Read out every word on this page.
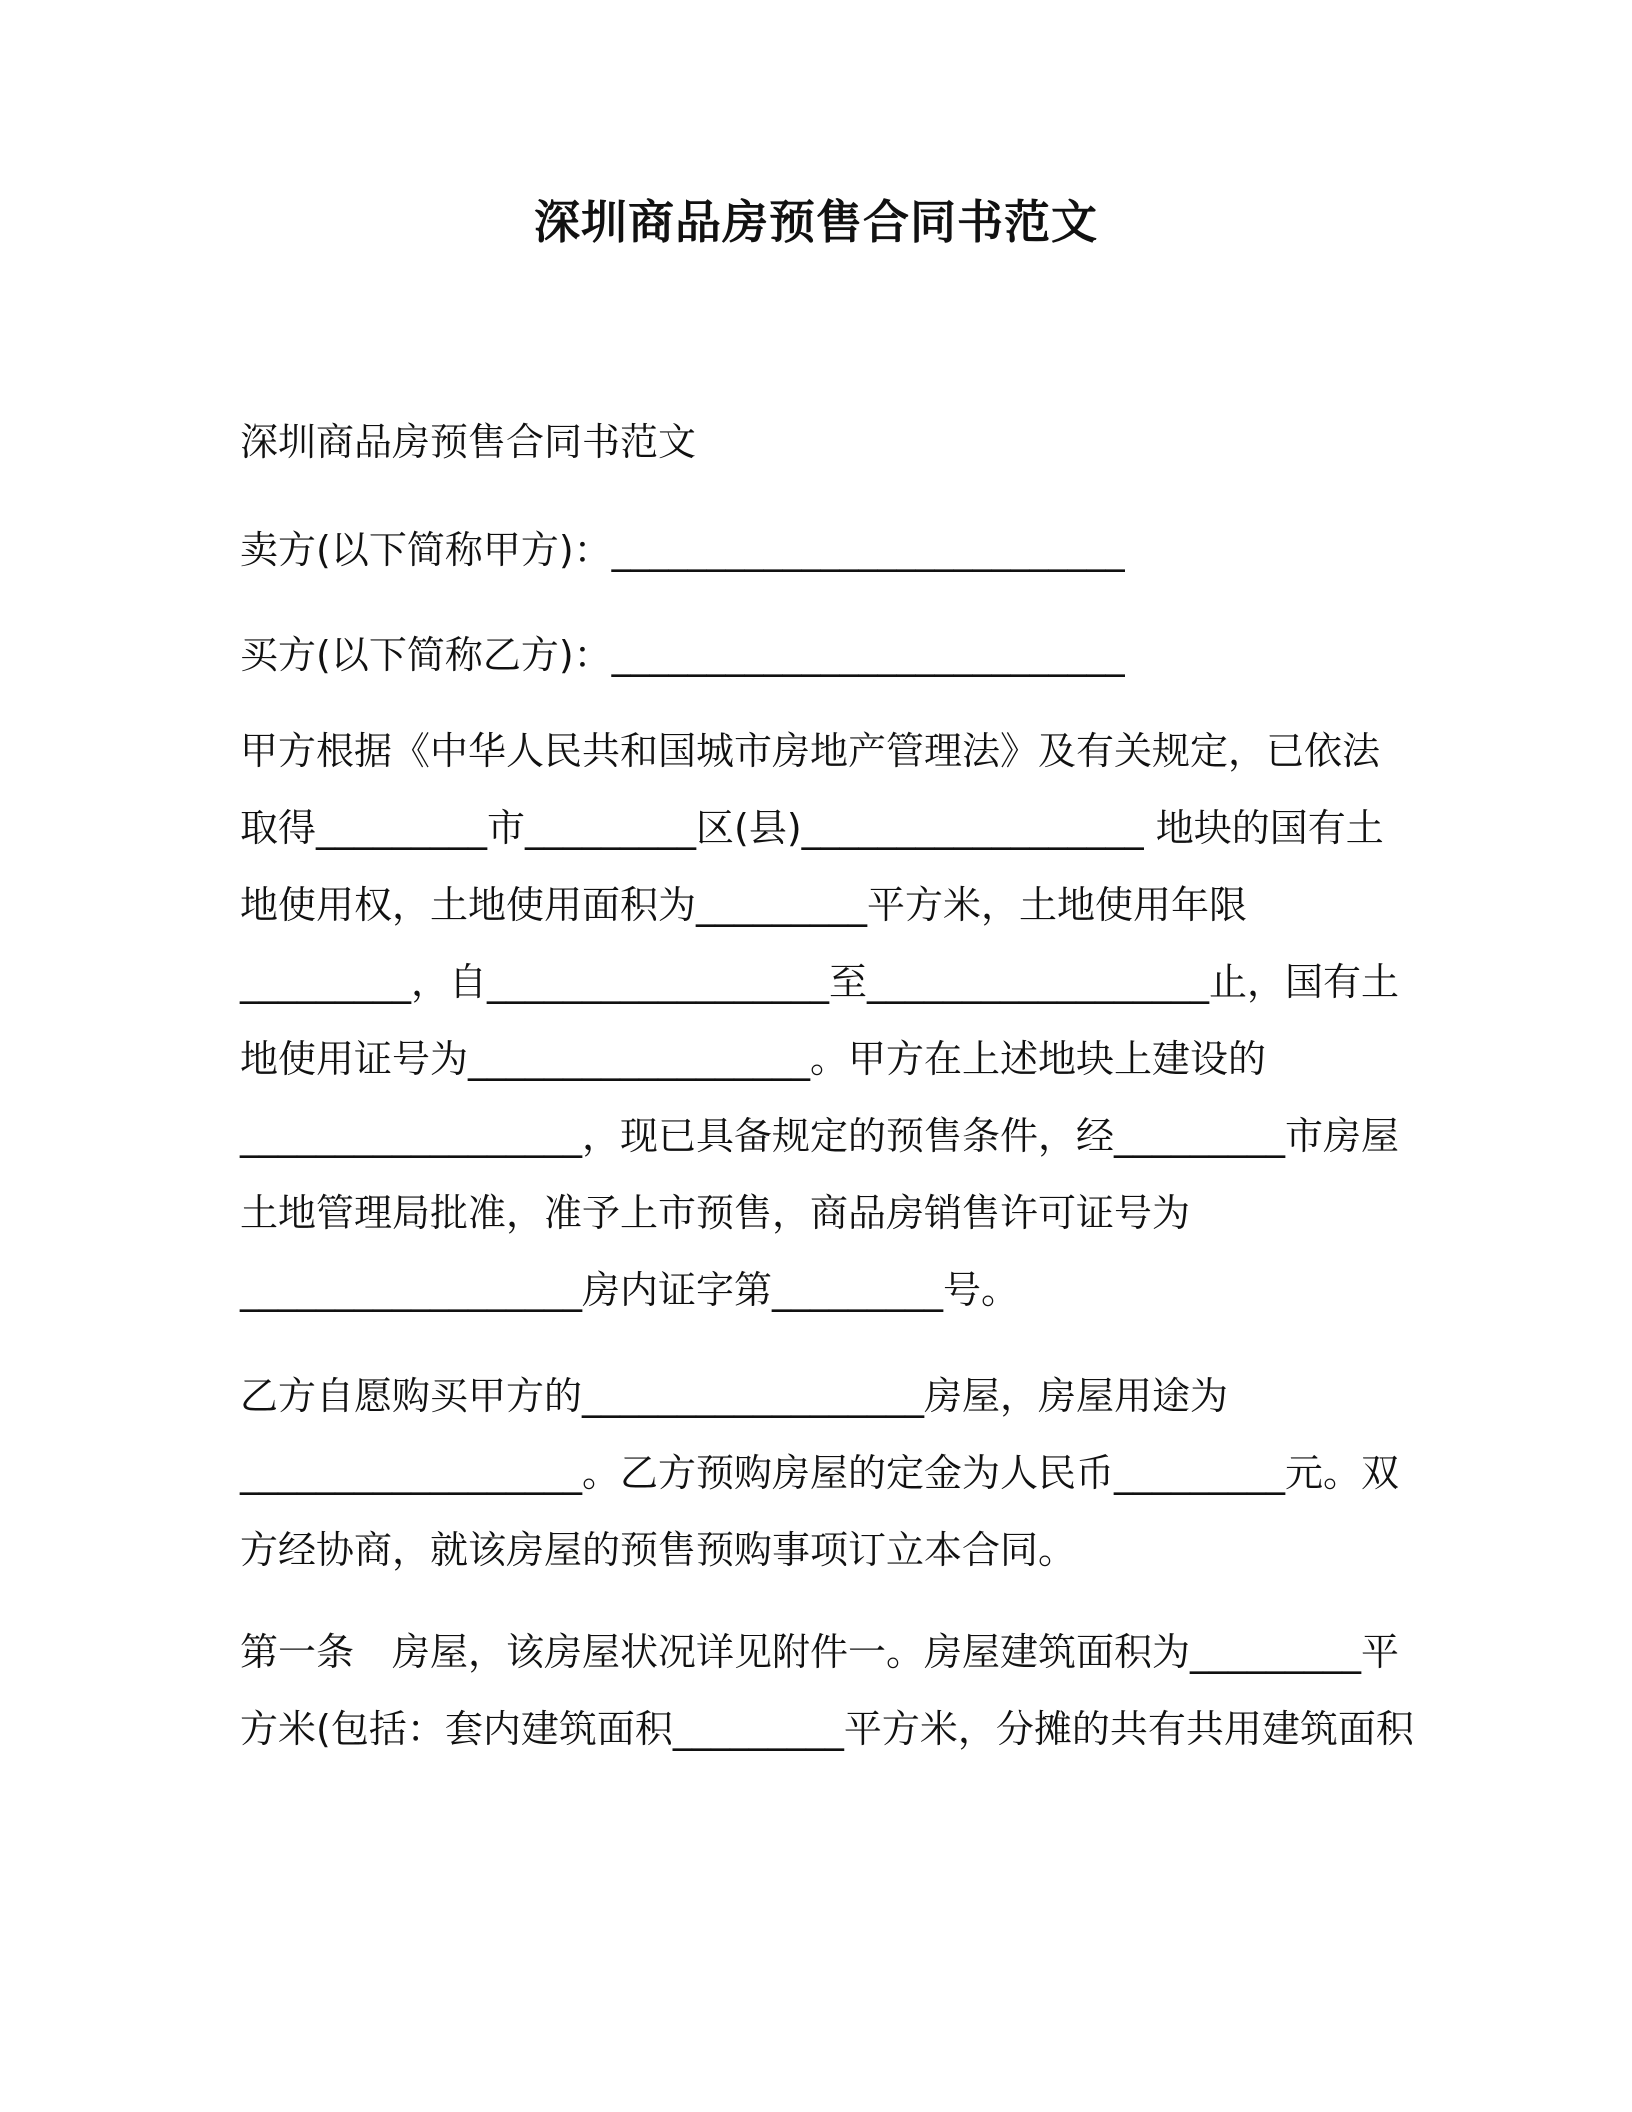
深圳商品房预售合同书范文

深圳商品房预售合同书范文

卖方(以下简称甲方)：___________________________

买方(以下简称乙方)：___________________________

甲方根据《中华人民共和国城市房地产管理法》及有关规定，已依法
取得_________市_________区(县)__________________ 地块的国有土
地使用权，土地使用面积为_________平方米，土地使用年限
_________，自__________________至__________________止，国有土
地使用证号为__________________。甲方在上述地块上建设的
__________________，现已具备规定的预售条件，经_________市房屋
土地管理局批准，准予上市预售，商品房销售许可证号为
__________________房内证字第_________号。
乙方自愿购买甲方的__________________房屋，房屋用途为
__________________。乙方预购房屋的定金为人民币_________元。双
方经协商，就该房屋的预售预购事项订立本合同。
第一条　房屋，该房屋状况详见附件一。房屋建筑面积为_________平
方米(包括：套内建筑面积_________平方米，分摊的共有共用建筑面积
